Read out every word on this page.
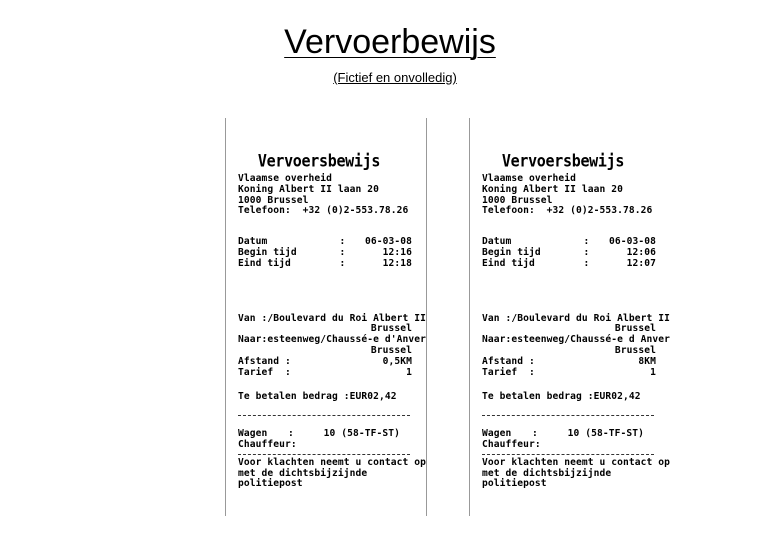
Vervoerbewijs
(Fictief en onvolledig)
Vervoersbewijs
Vlaamse overheid
Koning Albert II laan 20
1000 Brussel
Telefoon:  +32 (0)2-553.78.26
Datum	:	06-03-08
Begin tijd	:	12:16
Eind tijd	:	12:18
Van :/Boulevard du Roi Albert II
Brussel
Naar:esteenweg/Chaussé-e d'Anver
Brussel
Afstand :	0,5KM
Tarief  :	1
Te betalen bedrag :EUR 02,42
Wagen	:	10 (58-TF-ST)
Chauffeur:
Voor klachten neemt u contact op
met de dichtsbijzijnde
politiepost
Vervoersbewijs
Vlaamse overheid
Koning Albert II laan 20
1000 Brussel
Telefoon:  +32 (0)2-553.78.26
Datum	:	06-03-08
Begin tijd	:	12:06
Eind tijd	:	12:07
Van :/Boulevard du Roi Albert II
Brussel
Naar:esteenweg/Chaussé-e d Anver
Brussel
Afstand :	8KM
Tarief  :	1
Te betalen bedrag :EUR 02,42
Wagen	:	10 (58-TF-ST)
Chauffeur:
Voor klachten neemt u contact op
met de dichtsbijzijnde
politiepost
